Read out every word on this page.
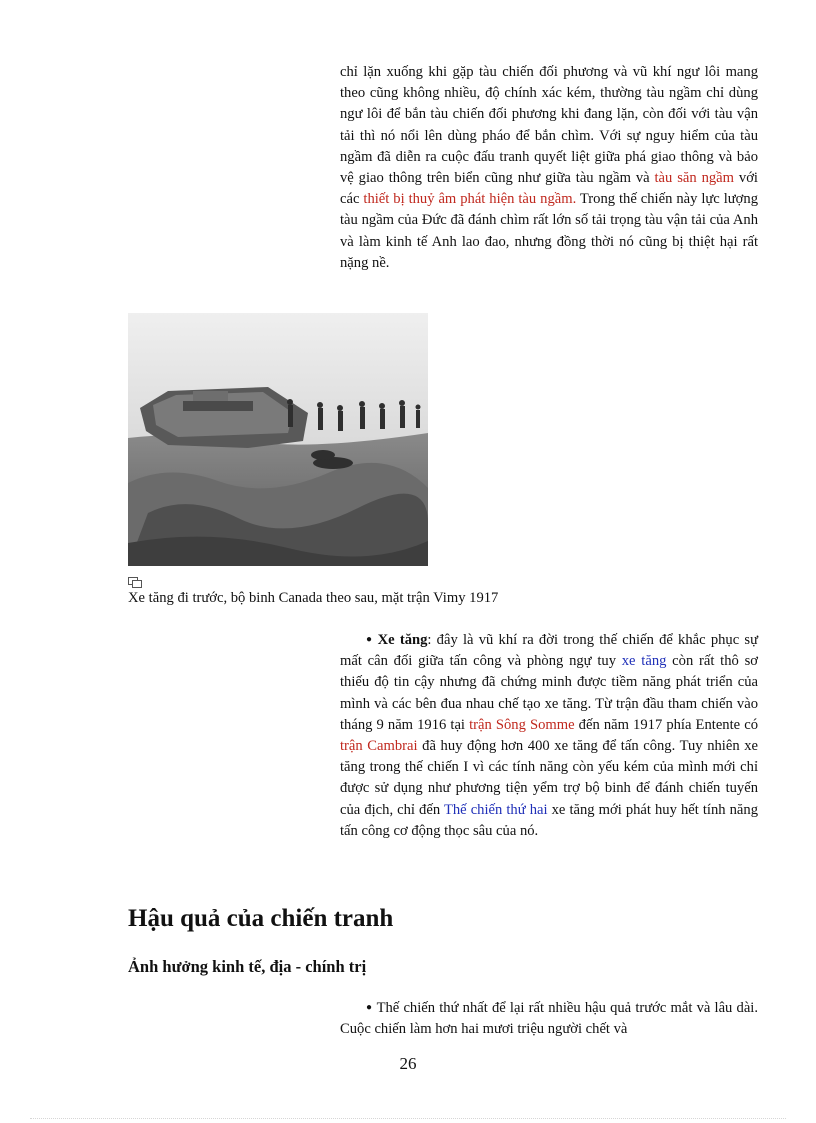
chỉ lặn xuống khi gặp tàu chiến đối phương và vũ khí ngư lôi mang theo cũng không nhiều, độ chính xác kém, thường tàu ngầm chỉ dùng ngư lôi để bắn tàu chiến đối phương khi đang lặn, còn đối với tàu vận tải thì nó nổi lên dùng pháo để bắn chìm. Với sự nguy hiểm của tàu ngầm đã diễn ra cuộc đấu tranh quyết liệt giữa phá giao thông và bảo vệ giao thông trên biển cũng như giữa tàu ngầm và tàu săn ngầm với các thiết bị thuỷ âm phát hiện tàu ngầm. Trong thế chiến này lực lượng tàu ngầm của Đức đã đánh chìm rất lớn số tải trọng tàu vận tải của Anh và làm kinh tế Anh lao đao, nhưng đồng thời nó cũng bị thiệt hại rất nặng nề.
Xe tăng đi trước, bộ binh Canada theo sau, mặt trận Vimy 1917
● Xe tăng: đây là vũ khí ra đời trong thế chiến để khắc phục sự mất cân đối giữa tấn công và phòng ngự tuy xe tăng còn rất thô sơ thiếu độ tin cậy nhưng đã chứng minh được tiềm năng phát triển của mình và các bên đua nhau chế tạo xe tăng. Từ trận đầu tham chiến vào tháng 9 năm 1916 tại trận Sông Somme đến năm 1917 phía Entente có trận Cambrai đã huy động hơn 400 xe tăng để tấn công. Tuy nhiên xe tăng trong thế chiến I vì các tính năng còn yếu kém của mình mới chỉ được sử dụng như phương tiện yểm trợ bộ binh để đánh chiến tuyến của địch, chỉ đến Thế chiến thứ hai xe tăng mới phát huy hết tính năng tấn công cơ động thọc sâu của nó.
Hậu quả của chiến tranh
Ảnh hưởng kinh tế, địa - chính trị
● Thế chiến thứ nhất để lại rất nhiều hậu quả trước mắt và lâu dài. Cuộc chiến làm hơn hai mươi triệu người chết và
26
